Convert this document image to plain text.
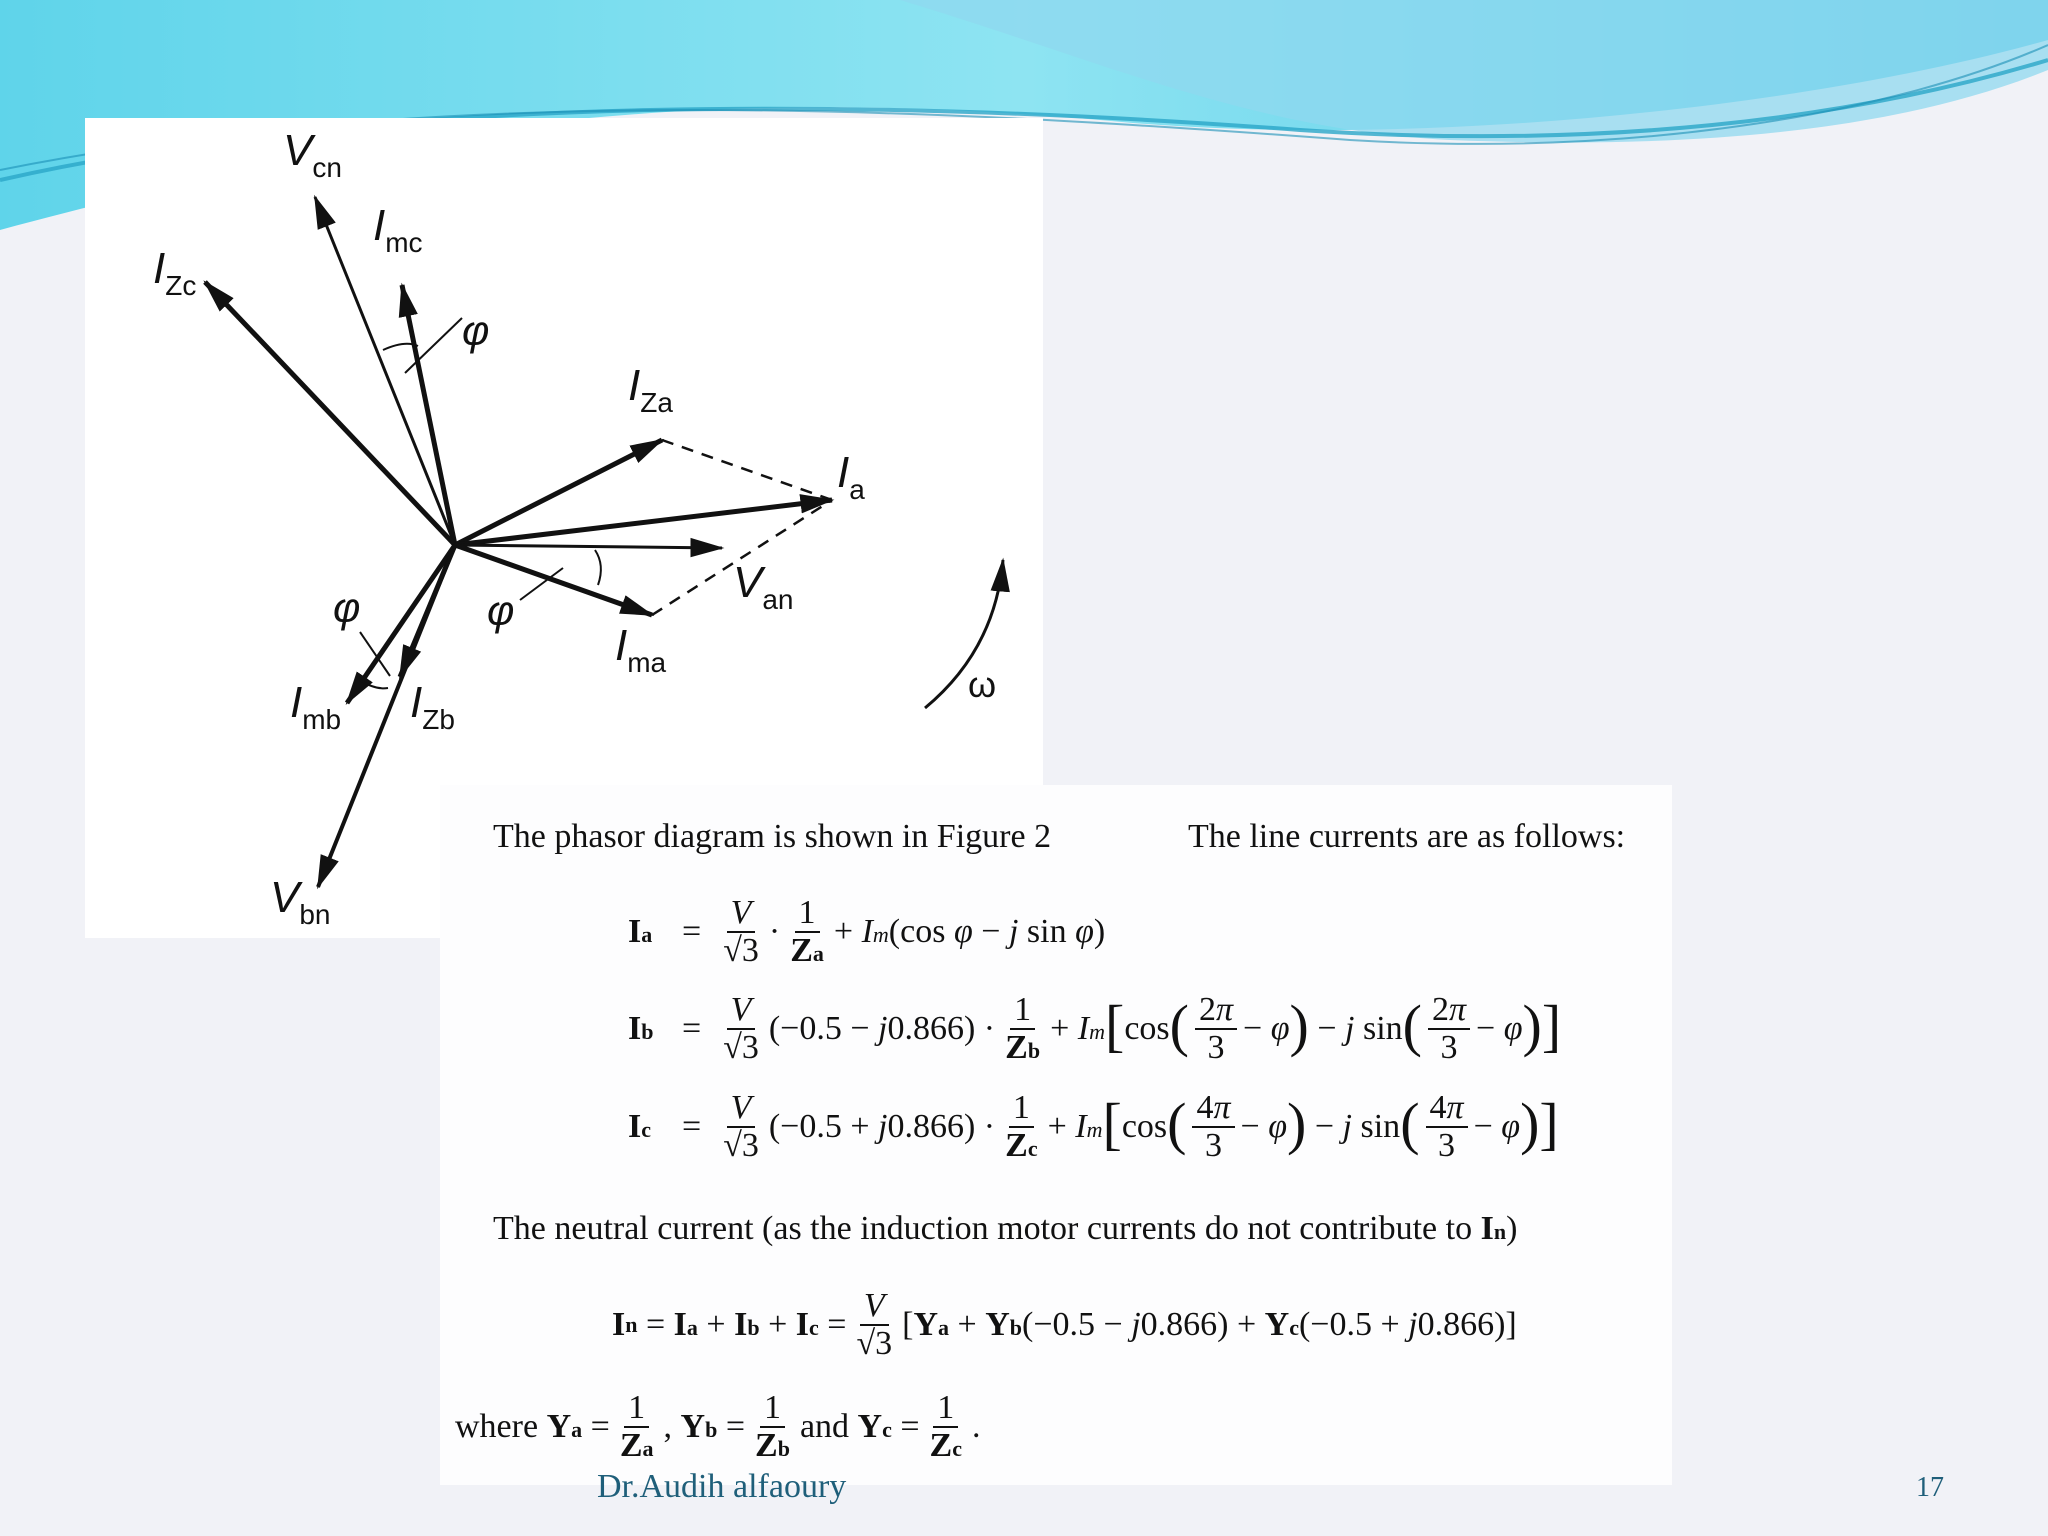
$V_{cn}$
$I_{mc}$
$I_{Zc}$
φ
$I_{Za}$
$I_a$
$V_{an}$
$I_{ma}$
φ
φ
$I_{mb}$ $I_{Zb}$
$V_{bn}$
ω
The phasor diagram is shown in Figure 2	The line currents are as follows:
$Ia = \frac{V}{√3} \cdot \frac{1}{Za} + Im(\cos$ φ − j sin φ)
$Ib = \frac{V}{√3} (-0.5 - j0.866) \cdot \frac{1}{Zb} + Im$ [ cos ( $\frac{2\pi}{3} - \varphi$ ) − j sin ( $\frac{2\pi}{3} - \varphi$ )]
$Ic = \frac{V}{√3} (-0.5 + j0.866) \cdot \frac{1}{Zc} + Im$ [ cos ( $\frac{4\pi}{3} - \varphi$ ) − j sin ( $\frac{4\pi}{3} - \varphi$ )]
The neutral current (as the induction motor currents do not contribute to In)
I $n = Ia + Ib + Ic = \frac{V}{√3} [Ya + Yb(-0.5 - j0.866) + Yc(-0.5 + j0.866)]$
where $Ya = \frac{1}{Za}$ , $Yb = \frac{1}{Zb}$ and $Yc = \frac{1}{Zc}$ .
Dr.Audih alfaoury	17
